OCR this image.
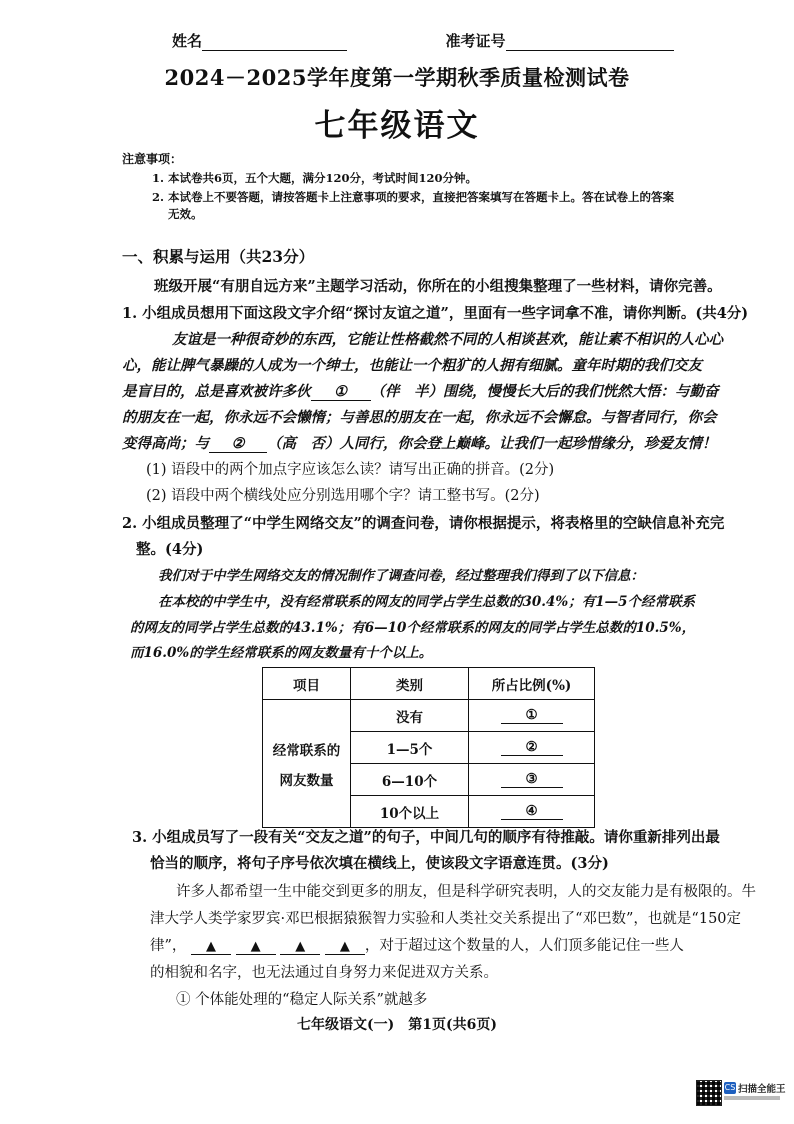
姓名	准考证号
2024－2025学年度第一学期秋季质量检测试卷
七年级语文
注意事项：
1. 本试卷共6页，五个大题，满分120分，考试时间120分钟。
2. 本试卷上不要答题，请按答题卡上注意事项的要求，直接把答案填写在答题卡上。答在试卷上的答案
无效。
一、积累与运用（共23分）
班级开展“有朋自远方来”主题学习活动，你所在的小组搜集整理了一些材料，请你完善。
1. 小组成员想用下面这段文字介绍“探讨友谊之道”，里面有一些字词拿不准，请你判断。(共4分)
友谊是一种很奇妙的东西，它能让性格截然不同的人相谈甚欢，能让素不相识的人心心
心，能让脾气暴躁的人成为一个绅士，也能让一个粗犷的人拥有细腻。童年时期的我们交友
是盲目的，总是喜欢被许多伙 ① （伴　半）围绕，慢慢长大后的我们恍然大悟：与勤奋
的朋友在一起，你永远不会懒惰；与善思的朋友在一起，你永远不会懈怠。与智者同行，你会
变得高尚；与 ② （高　否）人同行，你会登上巅峰。让我们一起珍惜缘分，珍爱友情！
(1) 语段中的两个加点字应该怎么读？请写出正确的拼音。(2分)
(2) 语段中两个横线处应分别选用哪个字？请工整书写。(2分)
2. 小组成员整理了“中学生网络交友”的调查问卷，请你根据提示，将表格里的空缺信息补充完
整。(4分)
我们对于中学生网络交友的情况制作了调查问卷，经过整理我们得到了以下信息：
在本校的中学生中，没有经常联系的网友的同学占学生总数的30.4%；有1—5个经常联系
的网友的同学占学生总数的43.1%；有6—10个经常联系的网友的同学占学生总数的10.5%，
而16.0%的学生经常联系的网友数量有十个以上。
项目	类别	所占比例(%)

经常联系的
网友数量	没有	①
	1—5个	②
	6—10个	③
	10个以上	④
3. 小组成员写了一段有关“交友之道”的句子，中间几句的顺序有待推敲。请你重新排列出最
恰当的顺序，将句子序号依次填在横线上，使该段文字语意连贯。(3分)
许多人都希望一生中能交到更多的朋友，但是科学研究表明，人的交友能力是有极限的。牛
津大学人类学家罗宾·邓巴根据猿猴智力实验和人类社交关系提出了“邓巴数”，也就是“150定
律”， ▲	▲	▲	▲ ，对于超过这个数量的人，人们顶多能记住一些人
的相貌和名字，也无法通过自身努力来促进双方关系。
① 个体能处理的“稳定人际关系”就越多
七年级语文(一)　第1页(共6页)
CS 扫描全能王
